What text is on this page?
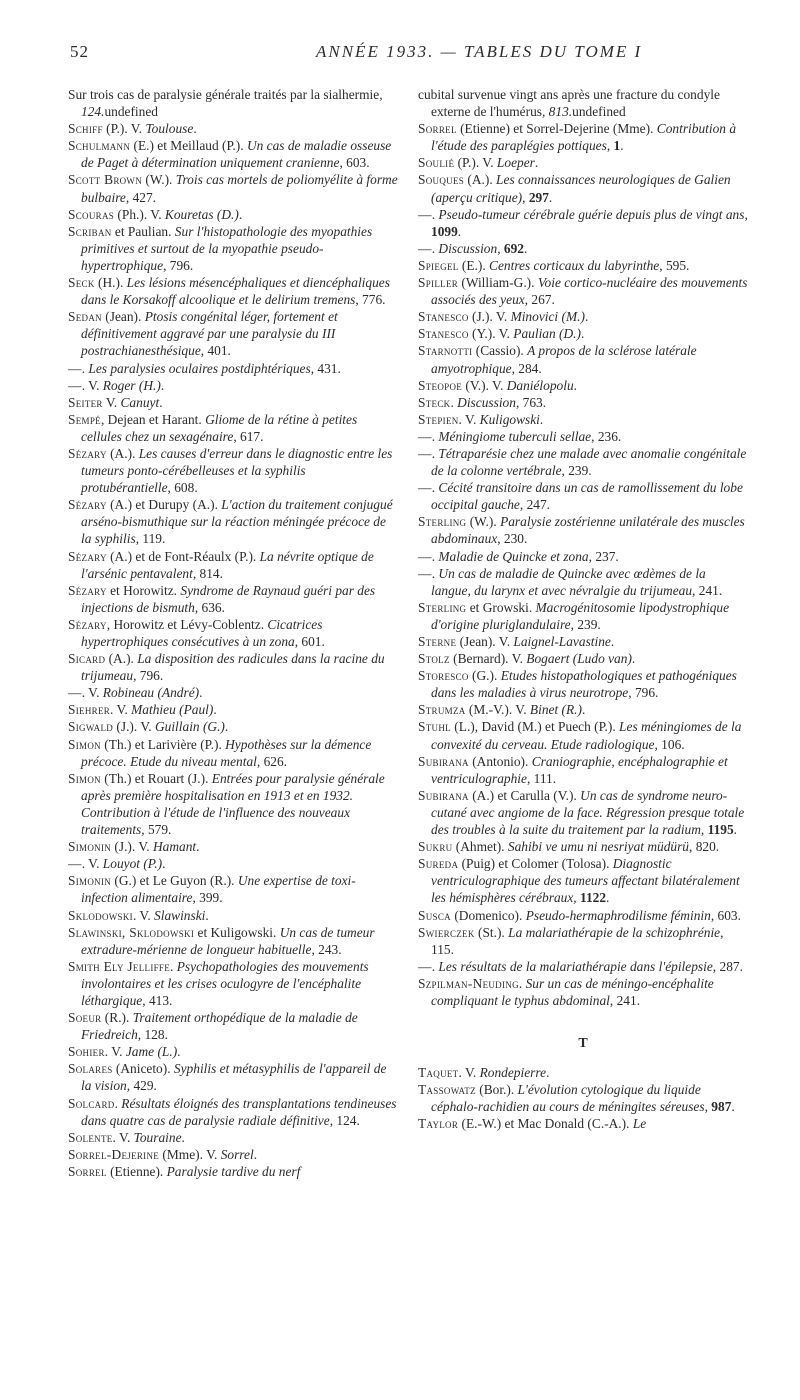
52	ANNÉE 1933. — TABLES DU TOME I

Sur trois cas de paralysie générale traités par la sialhermie, 124.undefined

Schiff (P.). V. Toulouse.

Schulmann (E.) et Meillaud (P.). Un cas de maladie osseuse de Paget à détermination uniquement cranienne, 603.

Scott Brown (W.). Trois cas mortels de poliomyélite à forme bulbaire, 427.

Scouras (Ph.). V. Kouretas (D.).

Scriban et Paulian. Sur l'histopathologie des myopathies primitives et surtout de la myopathie pseudo-hypertrophique, 796.

Seck (H.). Les lésions mésencéphaliques et diencéphaliques dans le Korsakoff alcoolique et le delirium tremens, 776.

Sedan (Jean). Ptosis congénital léger, fortement et définitivement aggravé par une paralysie du III postrachianesthésique, 401.

—. Les paralysies oculaires postdiphtériques, 431.

—. V. Roger (H.).

Seiter V. Canuyt.

Sempé, Dejean et Harant. Gliome de la rétine à petites cellules chez un sexagénaire, 617.

Sézary (A.). Les causes d'erreur dans le diagnostic entre les tumeurs ponto-cérébelleuses et la syphilis protubérantielle, 608.

Sézary (A.) et Durupy (A.). L'action du traitement conjugué arséno-bismuthique sur la réaction méningée précoce de la syphilis, 119.

Sézary (A.) et de Font-Réaulx (P.). La névrite optique de l'arsénic pentavalent, 814.

Sézary et Horowitz. Syndrome de Raynaud guéri par des injections de bismuth, 636.

Sézary, Horowitz et Lévy-Coblentz. Cicatrices hypertrophiques consécutives à un zona, 601.

Sicard (A.). La disposition des radicules dans la racine du trijumeau, 796.

—. V. Robineau (André).

Siehrer. V. Mathieu (Paul).

Sigwald (J.). V. Guillain (G.).

Simon (Th.) et Larivière (P.). Hypothèses sur la démence précoce. Etude du niveau mental, 626.

Simon (Th.) et Rouart (J.). Entrées pour paralysie générale après première hospitalisation en 1913 et en 1932. Contribution à l'étude de l'influence des nouveaux traitements, 579.

Simonin (J.). V. Hamant.

—. V. Louyot (P.).

Simonin (G.) et Le Guyon (R.). Une expertise de toxi-infection alimentaire, 399.

Sklodowski. V. Slawinski.

Slawinski, Sklodowski et Kuligowski. Un cas de tumeur extradure-mérienne de longueur habituelle, 243.

Smith Ely Jelliffe. Psychopathologies des mouvements involontaires et les crises oculogyre de l'encéphalite léthargique, 413.

Soeur (R.). Traitement orthopédique de la maladie de Friedreich, 128.

Sohier. V. Jame (L.).

Solares (Aniceto). Syphilis et métasyphilis de l'appareil de la vision, 429.

Solcard. Résultats éloignés des transplantations tendineuses dans quatre cas de paralysie radiale définitive, 124.

Solente. V. Touraine.

Sorrel-Dejerine (Mme). V. Sorrel.

Sorrel (Etienne). Paralysie tardive du nerf

cubital survenue vingt ans après une fracture du condyle externe de l'humérus, 813.undefined

Sorrel (Etienne) et Sorrel-Dejerine (Mme). Contribution à l'étude des paraplégies pottiques, 1.

Soulié (P.). V. Loeper.

Souques (A.). Les connaissances neurologiques de Galien (aperçu critique), 297.

—. Pseudo-tumeur cérébrale guérie depuis plus de vingt ans, 1099.

—. Discussion, 692.

Spiegel (E.). Centres corticaux du labyrinthe, 595.

Spiller (William-G.). Voie cortico-nucléaire des mouvements associés des yeux, 267.

Stanesco (J.). V. Minovici (M.).

Stanesco (Y.). V. Paulian (D.).

Starnotti (Cassio). A propos de la sclérose latérale amyotrophique, 284.

Steopoe (V.). V. Daniélopolu.

Steck. Discussion, 763.

Stepien. V. Kuligowski.

—. Méningiome tuberculi sellae, 236.

—. Tétraparésie chez une malade avec anomalie congénitale de la colonne vertébrale, 239.

—. Cécité transitoire dans un cas de ramollissement du lobe occipital gauche, 247.

Sterling (W.). Paralysie zostérienne unilatérale des muscles abdominaux, 230.

—. Maladie de Quincke et zona, 237.

—. Un cas de maladie de Quincke avec œdèmes de la langue, du larynx et avec névralgie du trijumeau, 241.

Sterling et Growski. Macrogénitosomie lipodystrophique d'origine pluriglandulaire, 239.

Sterne (Jean). V. Laignel-Lavastine.

Stolz (Bernard). V. Bogaert (Ludo van).

Storesco (G.). Etudes histopathologiques et pathogéniques dans les maladies à virus neurotrope, 796.

Strumza (M.-V.). V. Binet (R.).

Stuhl (L.), David (M.) et Puech (P.). Les méningiomes de la convexité du cerveau. Etude radiologique, 106.

Subirana (Antonio). Craniographie, encéphalographie et ventriculographie, 111.

Subirana (A.) et Carulla (V.). Un cas de syndrome neuro-cutané avec angiome de la face. Régression presque totale des troubles à la suite du traitement par la radium, 1195.

Sukru (Ahmet). Sahibi ve umu ni nesriyat müdürü, 820.

Sureda (Puig) et Colomer (Tolosa). Diagnostic ventriculographique des tumeurs affectant bilatéralement les hémisphères cérébraux, 1122.

Susca (Domenico). Pseudo-hermaphrodilisme féminin, 603.

Swierczek (St.). La malariathérapie de la schizophrénie, 115.

—. Les résultats de la malariathérapie dans l'épilepsie, 287.

Szpilman-Neuding. Sur un cas de méningo-encéphalite compliquant le typhus abdominal, 241.

T

Taquet. V. Rondepierre.

Tassowatz (Bor.). L'évolution cytologique du liquide céphalo-rachidien au cours de méningites séreuses, 987.

Taylor (E.-W.) et Mac Donald (C.-A.). Le
